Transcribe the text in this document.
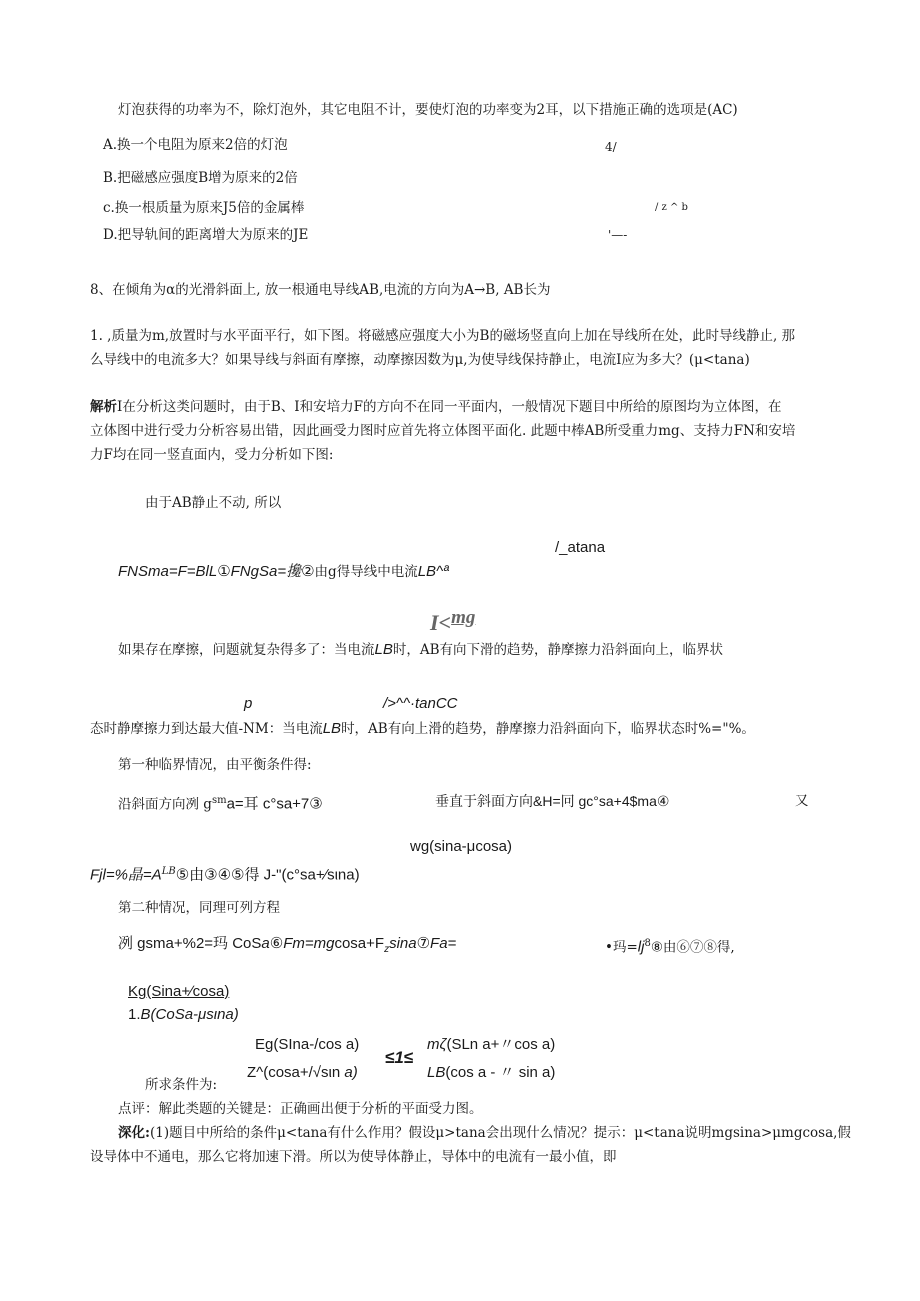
灯泡获得的功率为不，除灯泡外，其它电阻不计，要使灯泡的功率变为2耳，以下措施正确的选项是(AC)
A.换一个电阻为原来2倍的灯泡	4/
B.把磁感应强度B增为原来的2倍
c.换一根质量为原来J5倍的金属棒	/ z ^ b
D.把导轨间的距离增大为原来的JE	'—-
8、在倾角为α的光滑斜面上, 放一根通电导线AB,电流的方向为A→B, AB长为
1. ,质量为m,放置时与水平面平行，如下图。将磁感应强度大小为B的磁场竖直向上加在导线所在处，此时导线静止, 那
么导线中的电流多大？如果导线与斜面有摩擦，动摩擦因数为μ,为使导线保持静止，电流I应为多大？(μ<tana)
解析I在分析这类问题时，由于B、I和安培力F的方向不在同一平面内，一般情况下题目中所给的原图均为立体图，在
立体图中进行受力分析容易出错，因此画受力图时应首先将立体图平面化. 此题中棒AB所受重力mg、支持力FN和安培
力F均在同一竖直面内，受力分析如下图:
由于AB静止不动, 所以
/_atana
FNSma=F=BlL①FNgSa=攙②由g得导线中电流LB^ª
I<mg
如果存在摩擦，问题就复杂得多了：当电流LB时，AB有向下滑的趋势，静摩擦力沿斜面向上，临界状
p	/>^^·tanCC
态时静摩擦力到达最大值-NM：当电流LB时，AB有向上滑的趋势，静摩擦力沿斜面向下，临界状态时%="%。
第一种临界情况，由平衡条件得:
沿斜面方向冽 $g^{sm}a=$耳 c°sa+7③	垂直于斜面方向&H=冋 gc°sa+4$ma④	又
wg(sina-μcosa)
Fjl=%晶$=A^{LB}⑤$由③④⑤得 J-"(c°sa+∕sιna)
第二种情况，同理可列方程
冽 gsma+%2=玛 $CoSa⑥Fm=mgcosa+F_z\sin a⑦Fa=$	•玛$=lj^8⑧$由⑥⑦⑧得,
Kg(Sina+∕cosa)
1.B(CoSa-μsιna)
Eg(SIna-/cos a)
Z^(cosa+/√sιn a)
≤1≤
mζ(SLn a+〃cos a)
LB(cos a - 〃 sin a)
所求条件为:
点评：解此类题的关键是：正确画出便于分析的平面受力图。
深化:(1)题目中所给的条件μ<tana有什么作用？假设μ>tana会出现什么情况？提示：μ<tana说明mgsina>μmgcosa,假
设导体中不通电，那么它将加速下滑。所以为使导体静止，导体中的电流有一最小值，即
